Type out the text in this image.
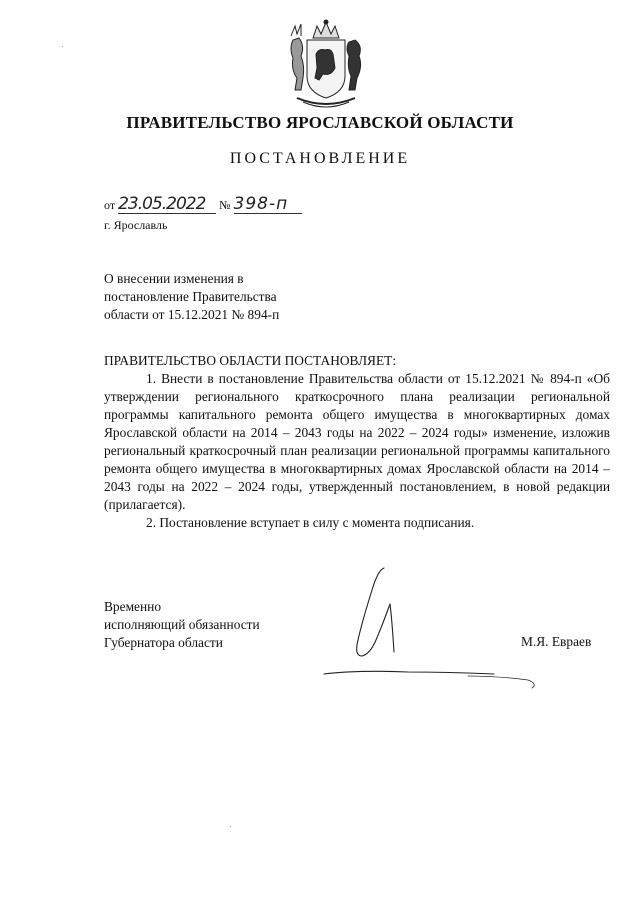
ПРАВИТЕЛЬСТВО ЯРОСЛАВСКОЙ ОБЛАСТИ
ПОСТАНОВЛЕНИЕ
от 23.05.2022 № 398-п
г. Ярославль
О внесении изменения в
постановление Правительства
области от 15.12.2021 № 894-п
ПРАВИТЕЛЬСТВО ОБЛАСТИ ПОСТАНОВЛЯЕТ:

1. Внести в постановление Правительства области от 15.12.2021 № 894-п «Об утверждении регионального краткосрочного плана реализации региональной программы капитального ремонта общего имущества в многоквартирных домах Ярославской области на 2014 – 2043 годы на 2022 – 2024 годы» изменение, изложив региональный краткосрочный план реализации региональной программы капитального ремонта общего имущества в многоквартирных домах Ярославской области на 2014 – 2043 годы на 2022 – 2024 годы, утвержденный постановлением, в новой редакции (прилагается).

2. Постановление вступает в силу с момента подписания.

Временно
исполняющий обязанности
Губернатора области	М.Я. Евраев
